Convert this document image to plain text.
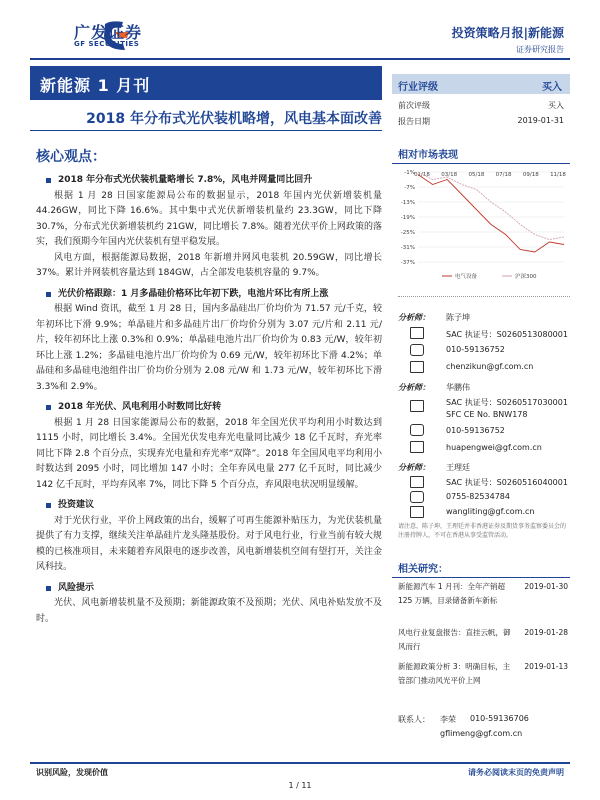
广发证券
GF SECURITIES
投资策略月报|新能源
证券研究报告
新能源 1 月刊
2018 年分布式光伏装机略增，风电基本面改善
核心观点：
2018 年分布式光伏装机量略增长 7.8%，风电并网量同比回升
根据 1 月 28 日国家能源局公布的数据显示，2018 年国内光伏新增装机量 44.26GW，同比下降 16.6%。其中集中式光伏新增装机量约 23.3GW，同比下降 30.7%，分布式光伏新增装机约 21GW，同比增长 7.8%。随着光伏平价上网政策的落实，我们预期今年国内光伏装机有望平稳发展。
风电方面，根据能源局数据，2018 年新增并网风电装机 20.59GW，同比增长 37%。累计并网装机容量达到 184GW，占全部发电装机容量的 9.7%。
光伏价格跟踪：1 月多晶硅价格环比年初下跌，电池片环比有所上涨
根据 Wind 资讯，截至 1 月 28 日，国内多晶硅出厂价均价为 71.57 元/千克，较年初环比下滑 9.9%；单晶硅片和多晶硅片出厂价均价分别为 3.07 元/片和 2.11 元/片，较年初环比上涨 0.3%和 0.9%；单晶硅电池片出厂价均价为 0.83 元/W，较年初环比上涨 1.2%；多晶硅电池片出厂价均价为 0.69 元/W，较年初环比下滑 4.2%；单晶硅和多晶硅电池组件出厂价均价分别为 2.08 元/W 和 1.73 元/W，较年初环比下滑 3.3%和 2.9%。
2018 年光伏、风电利用小时数同比好转
根据 1 月 28 日国家能源局公布的数据，2018 年全国光伏平均利用小时数达到 1115 小时，同比增长 3.4%。全国光伏发电弃光电量同比减少 18 亿千瓦时，弃光率同比下降 2.8 个百分点，实现弃光电量和弃光率“双降”。2018 年全国风电平均利用小时数达到 2095 小时，同比增加 147 小时；全年弃风电量 277 亿千瓦时，同比减少 142 亿千瓦时，平均弃风率 7%，同比下降 5 个百分点，弃风限电状况明显缓解。
投资建议
对于光伏行业，平价上网政策的出台，缓解了可再生能源补贴压力，为光伏装机量提供了有力支撑，继续关注单晶硅片龙头隆基股份。对于风电行业，行业当前有较大规模的已核准项目，未来随着弃风限电的逐步改善，风电新增装机空间有望打开，关注金风科技。
风险提示
光伏、风电新增装机量不及预期；新能源政策不及预期；光伏、风电补贴发放不及时。
行业评级	买入
前次评级	买入
报告日期	2019-01-31
相对市场表现
-1%
-7%
-13%
-19%
-25%
-31%
-37%
01/18 03/18 05/18 07/18 09/18 11/18
电气设备	沪深300
分析师： 陈子坤
SAC 执证号：S0260513080001
010-59136752
chenzikun@gf.com.cn
分析师： 华鹏伟
SAC 执证号：S0260517030001
SFC CE No. BNW178
010-59136752
huapengwei@gf.com.cn
分析师： 王理廷
SAC 执证号：S0260516040001
0755-82534784
wangliting@gf.com.cn
请注意，陈子坤，王理廷并非香港证券及期货事务监察委员会的注册持牌人，不可在香港从事受监管活动。
相关研究：
新能源汽车 1 月刊：全年产销超 125 万辆，目录储备新车新标
2019-01-30
风电行业复盘报告：直挂云帆，御风而行
2019-01-28
新能源政策分析 3：明确目标，主管部门推动风光平价上网
2019-01-13
联系人： 李荣 010-59136706
gflimeng@gf.com.cn
识别风险，发现价值	请务必阅读末页的免责声明
1 / 11
